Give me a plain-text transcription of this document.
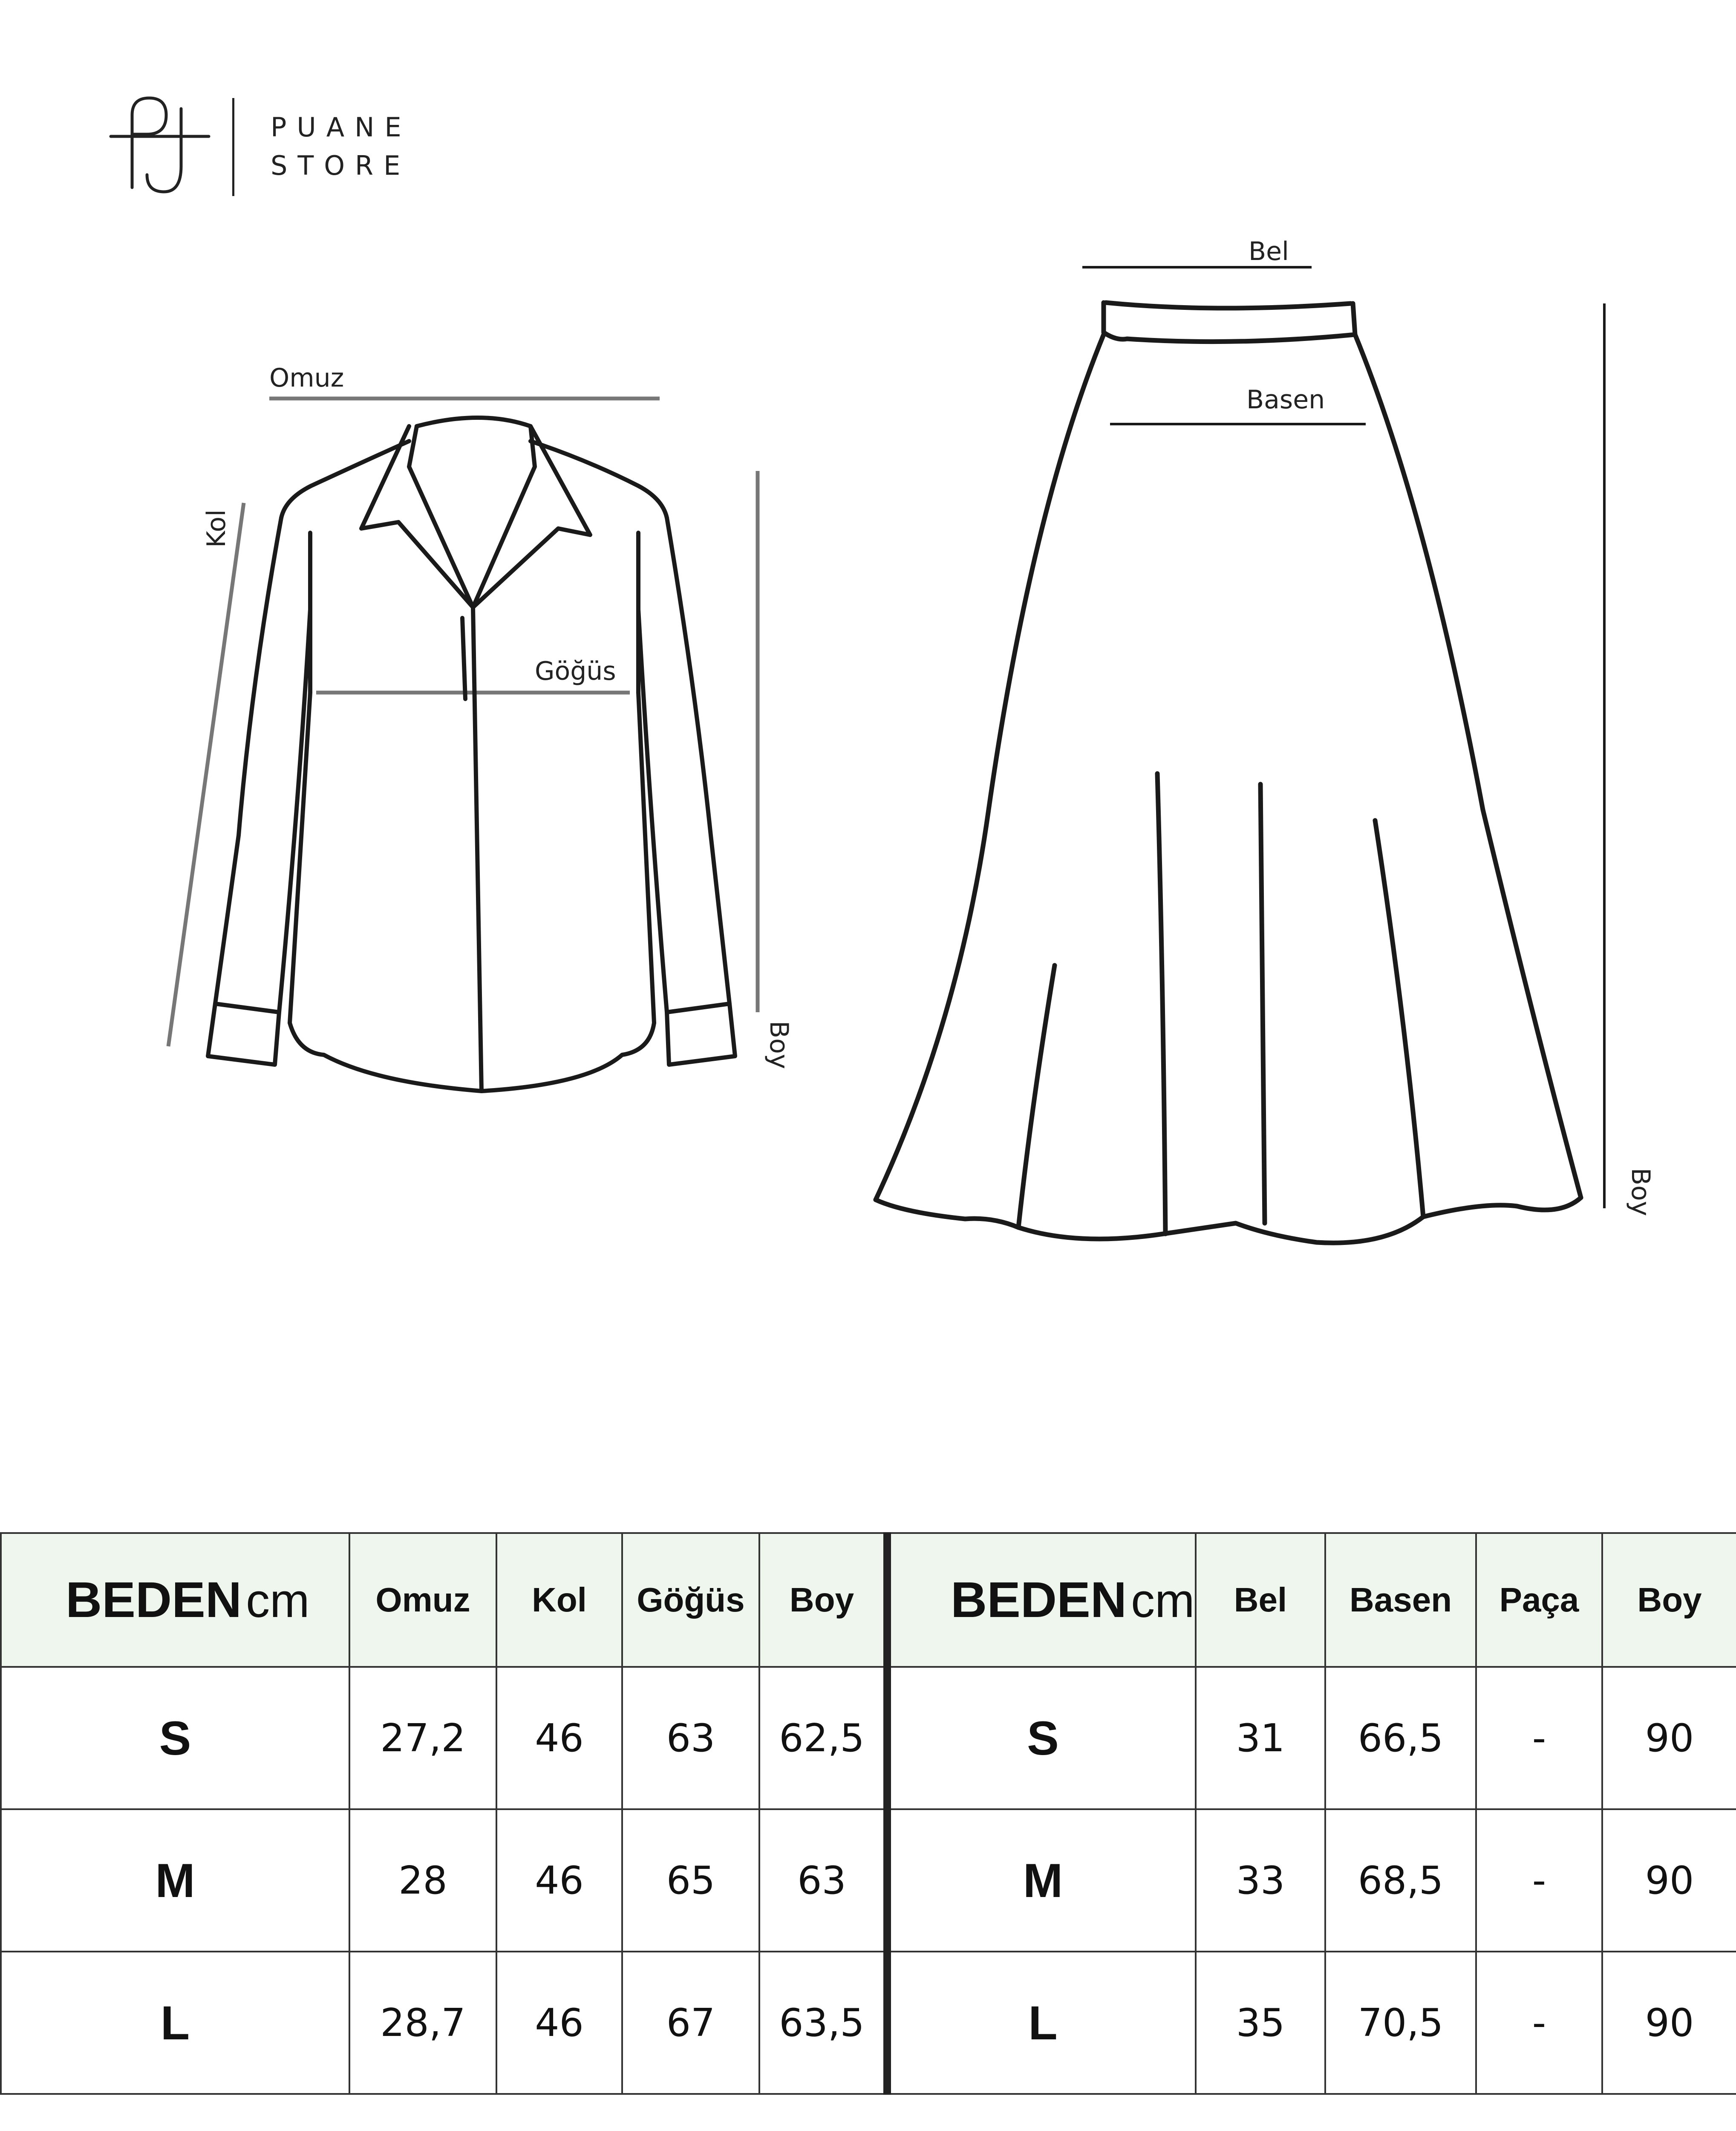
PUANE
STORE
Omuz
Kol
Göğüs
Boy
Bel
Basen
Boy
BEDENcm	Omuz	Kol	Göğüs	Boy	BEDENcm	Bel	Basen	Paça	Boy
S	27,2	46	63	62,5	S	31	66,5	-	90
M	28	46	65	63	M	33	68,5	-	90
L	28,7	46	67	63,5	L	35	70,5	-	90
